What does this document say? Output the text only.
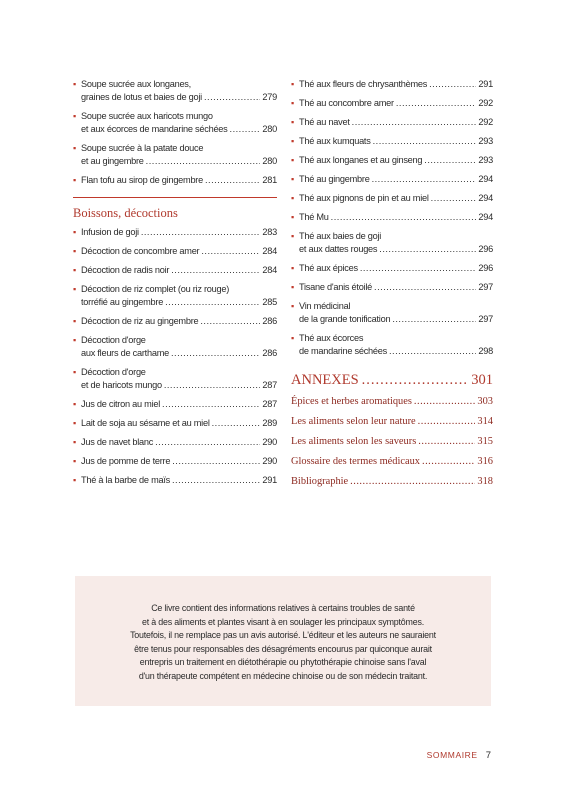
▪ Soupe sucrée aux longanes,
graines de lotus et baies de goji .....	279
▪ Soupe sucrée aux haricots mungo
et aux écorces de mandarine séchées .....	280
▪ Soupe sucrée à la patate douce
et au gingembre .....	280
▪ Flan tofu au sirop de gingembre .....	281
Boissons, décoctions
▪ Infusion de goji .....	283
▪ Décoction de concombre amer .....	284
▪ Décoction de radis noir .....	284
▪ Décoction de riz complet (ou riz rouge)
torréfié au gingembre .....	285
▪ Décoction de riz au gingembre .....	286
▪ Décoction d'orge
aux fleurs de carthame .....	286
▪ Décoction d'orge
et de haricots mungo .....	287
▪ Jus de citron au miel .....	287
▪ Lait de soja au sésame et au miel .....	289
▪ Jus de navet blanc .....	290
▪ Jus de pomme de terre .....	290
▪ Thé à la barbe de maïs .....	291
▪ Thé aux fleurs de chrysanthèmes .....	291
▪ Thé au concombre amer .....	292
▪ Thé au navet .....	292
▪ Thé aux kumquats .....	293
▪ Thé aux longanes et au ginseng .....	293
▪ Thé au gingembre .....	294
▪ Thé aux pignons de pin et au miel .....	294
▪ Thé Mu .....	294
▪ Thé aux baies de goji
et aux dattes rouges .....	296
▪ Thé aux épices .....	296
▪ Tisane d'anis étoilé .....	297
▪ Vin médicinal
de la grande tonification .....	297
▪ Thé aux écorces
de mandarine séchées .....	298
ANNEXES .....	301
Épices et herbes aromatiques .....	303
Les aliments selon leur nature .....	314
Les aliments selon les saveurs .....	315
Glossaire des termes médicaux .....	316
Bibliographie .....	318
Ce livre contient des informations relatives à certains troubles de santé
et à des aliments et plantes visant à en soulager les principaux symptômes.
Toutefois, il ne remplace pas un avis autorisé. L'éditeur et les auteurs ne sauraient
être tenus pour responsables des désagréments encourus par quiconque aurait
entrepris un traitement en diétothérapie ou phytothérapie chinoise sans l'aval
d'un thérapeute compétent en médecine chinoise ou de son médecin traitant.
SOMMAIRE 7
